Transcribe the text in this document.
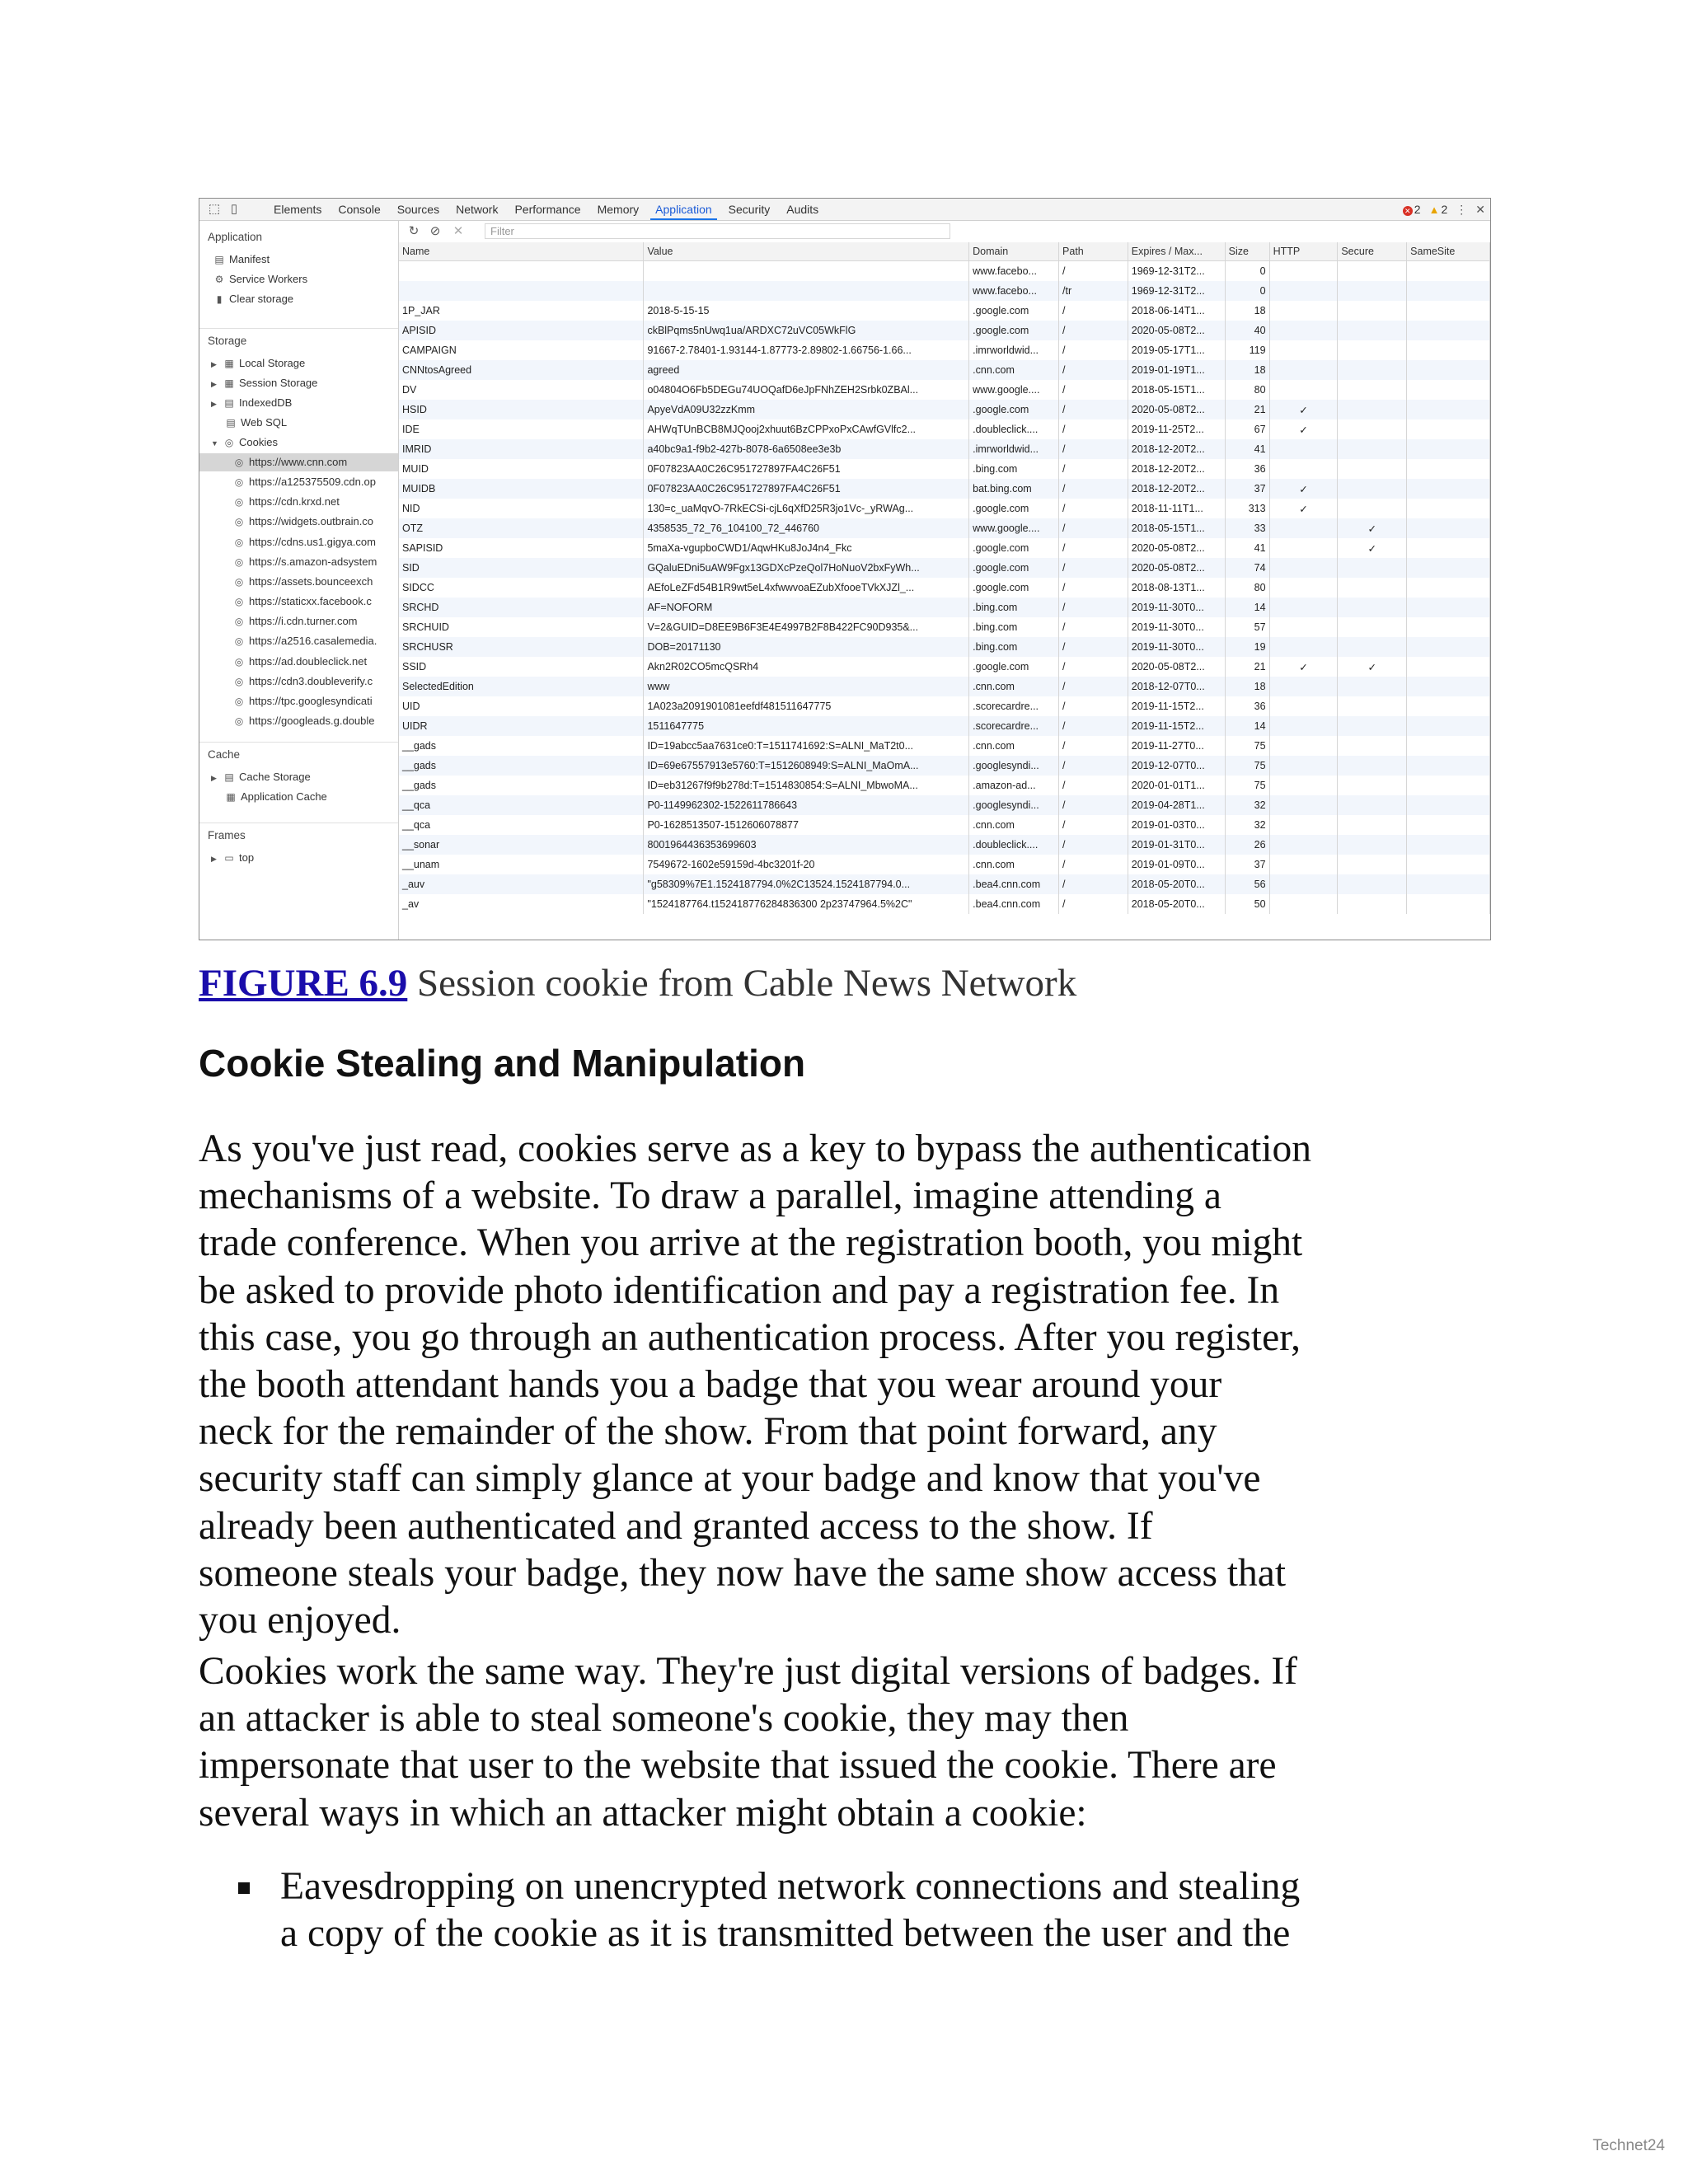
⬚ ▯	Elements	Console	Sources	Network	Performance	Memory	Application	Security	Audits	✕ 2 ▲ 2 ⋮ ✕
Application
▤ Manifest
⚙ Service Workers
▮ Clear storage
Storage
▶ ▦ Local Storage
▶ ▦ Session Storage
▶ ▤ IndexedDB
▤ Web SQL
▼ ◎ Cookies
◎ https://www.cnn.com
◎ https://a125375509.cdn.op
◎ https://cdn.krxd.net
◎ https://widgets.outbrain.co
◎ https://cdns.us1.gigya.com
◎ https://s.amazon-adsystem
◎ https://assets.bounceexch
◎ https://staticxx.facebook.c
◎ https://i.cdn.turner.com
◎ https://a2516.casalemedia.
◎ https://ad.doubleclick.net
◎ https://cdn3.doubleverify.c
◎ https://tpc.googlesyndicati
◎ https://googleads.g.double
Cache
▶ ▤ Cache Storage
▦ Application Cache
Frames
▶ ▭ top
↻ ⊘ ✕	Filter
Name	Value	Domain	Path	Expires / Max...	Size	HTTP	Secure	SameSite
		www.facebo...	/	1969-12-31T2...	0			
		www.facebo...	/tr	1969-12-31T2...	0			
1P_JAR	2018-5-15-15	.google.com	/	2018-06-14T1...	18			
APISID	ckBlPqms5nUwq1ua/ARDXC72uVC05WkFlG	.google.com	/	2020-05-08T2...	40			
CAMPAIGN	91667-2.78401-1.93144-1.87773-2.89802-1.66756-1.66...	.imrworldwid...	/	2019-05-17T1...	119			
CNNtosAgreed	agreed	.cnn.com	/	2019-01-19T1...	18			
DV	o04804O6Fb5DEGu74UOQafD6eJpFNhZEH2Srbk0ZBAl...	www.google....	/	2018-05-15T1...	80			
HSID	ApyeVdA09U32zzKmm	.google.com	/	2020-05-08T2...	21	✓		
IDE	AHWqTUnBCB8MJQooj2xhuut6BzCPPxoPxCAwfGVlfc2...	.doubleclick....	/	2019-11-25T2...	67	✓		
IMRID	a40bc9a1-f9b2-427b-8078-6a6508ee3e3b	.imrworldwid...	/	2018-12-20T2...	41			
MUID	0F07823AA0C26C951727897FA4C26F51	.bing.com	/	2018-12-20T2...	36			
MUIDB	0F07823AA0C26C951727897FA4C26F51	bat.bing.com	/	2018-12-20T2...	37	✓		
NID	130=c_uaMqvO-7RkECSi-cjL6qXfD25R3jo1Vc-_yRWAg...	.google.com	/	2018-11-11T1...	313	✓		
OTZ	4358535_72_76_104100_72_446760	www.google....	/	2018-05-15T1...	33		✓	
SAPISID	5maXa-vgupboCWD1/AqwHKu8JoJ4n4_Fkc	.google.com	/	2020-05-08T2...	41		✓	
SID	GQaluEDni5uAW9Fgx13GDXcPzeQol7HoNuoV2bxFyWh...	.google.com	/	2020-05-08T2...	74			
SIDCC	AEfoLeZFd54B1R9wt5eL4xfwwvoaEZubXfooeTVkXJZl_...	.google.com	/	2018-08-13T1...	80			
SRCHD	AF=NOFORM	.bing.com	/	2019-11-30T0...	14			
SRCHUID	V=2&GUID=D8EE9B6F3E4E4997B2F8B422FC90D935&...	.bing.com	/	2019-11-30T0...	57			
SRCHUSR	DOB=20171130	.bing.com	/	2019-11-30T0...	19			
SSID	Akn2R02CO5mcQSRh4	.google.com	/	2020-05-08T2...	21	✓	✓	
SelectedEdition	www	.cnn.com	/	2018-12-07T0...	18			
UID	1A023a2091901081eefdf481511647775	.scorecardre...	/	2019-11-15T2...	36			
UIDR	1511647775	.scorecardre...	/	2019-11-15T2...	14			
__gads	ID=19abcc5aa7631ce0:T=1511741692:S=ALNI_MaT2t0...	.cnn.com	/	2019-11-27T0...	75			
__gads	ID=69e67557913e5760:T=1512608949:S=ALNI_MaOmA...	.googlesyndi...	/	2019-12-07T0...	75			
__gads	ID=eb31267f9f9b278d:T=1514830854:S=ALNI_MbwoMA...	.amazon-ad...	/	2020-01-01T1...	75			
__qca	P0-1149962302-1522611786643	.googlesyndi...	/	2019-04-28T1...	32			
__qca	P0-1628513507-1512606078877	.cnn.com	/	2019-01-03T0...	32			
__sonar	8001964436353699603	.doubleclick....	/	2019-01-31T0...	26			
__unam	7549672-1602e59159d-4bc3201f-20	.cnn.com	/	2019-01-09T0...	37			
_auv	"g58309%7E1.1524187794.0%2C13524.1524187794.0...	.bea4.cnn.com	/	2018-05-20T0...	56			
_av	"1524187764.t152418776284836300 2p23747964.5%2C"	.bea4.cnn.com	/	2018-05-20T0...	50			
FIGURE 6.9 Session cookie from Cable News Network
Cookie Stealing and Manipulation
As you've just read, cookies serve as a key to bypass the authentication
mechanisms of a website. To draw a parallel, imagine attending a
trade conference. When you arrive at the registration booth, you might
be asked to provide photo identification and pay a registration fee. In
this case, you go through an authentication process. After you register,
the booth attendant hands you a badge that you wear around your
neck for the remainder of the show. From that point forward, any
security staff can simply glance at your badge and know that you've
already been authenticated and granted access to the show. If
someone steals your badge, they now have the same show access that
you enjoyed.
Cookies work the same way. They're just digital versions of badges. If
an attacker is able to steal someone's cookie, they may then
impersonate that user to the website that issued the cookie. There are
several ways in which an attacker might obtain a cookie:
Eavesdropping on unencrypted network connections and stealing
a copy of the cookie as it is transmitted between the user and the
Technet24
